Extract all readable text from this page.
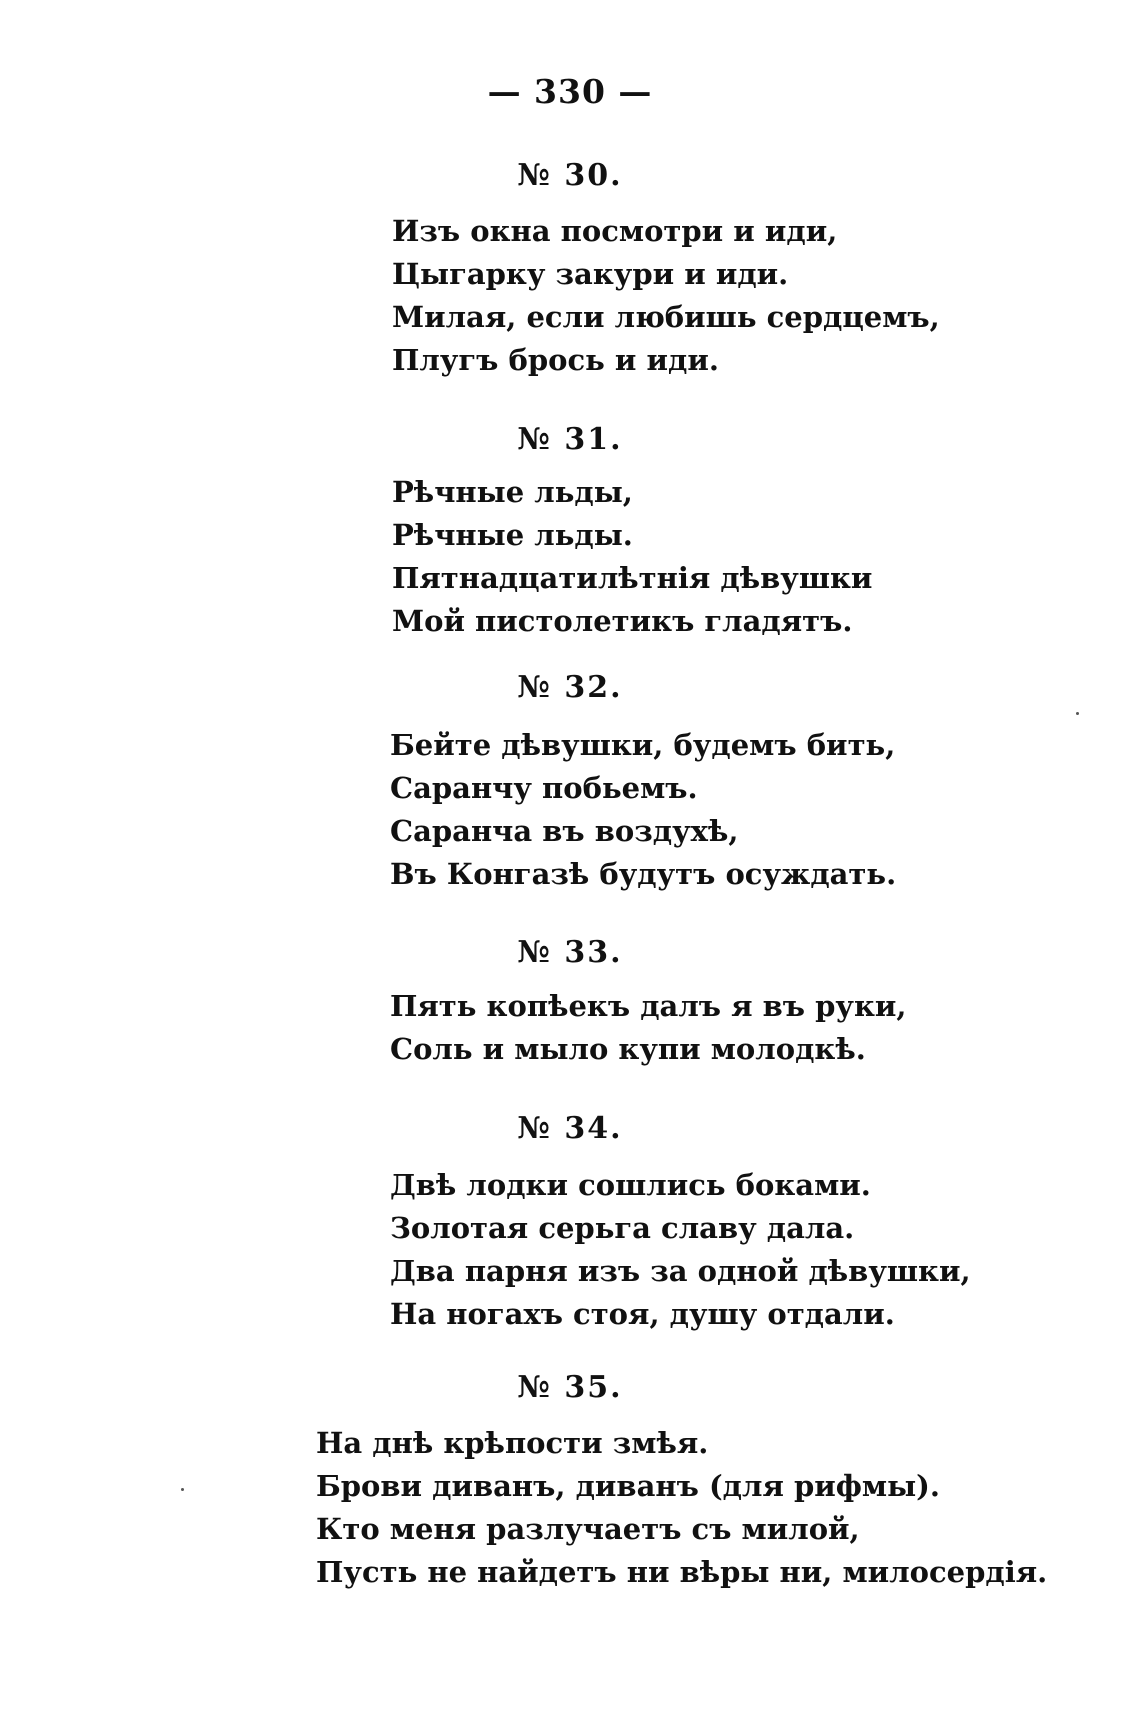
— 330 —
№ 30.
Изъ окна посмотри и иди,
Цыгарку закури и иди.
Милая, если любишь сердцемъ,
Плугъ брось и иди.
№ 31.
Рѣчные льды,
Рѣчные льды.
Пятнадцатилѣтнія дѣвушки
Мой пистолетикъ гладятъ.
№ 32.
Бейте дѣвушки, будемъ бить,
Саранчу побьемъ.
Саранча въ воздухѣ,
Въ Конгазѣ будутъ осуждать.
№ 33.
Пять копѣекъ далъ я въ руки,
Соль и мыло купи молодкѣ.
№ 34.
Двѣ лодки сошлись боками.
Золотая серьга славу дала.
Два парня изъ за одной дѣвушки,
На ногахъ стоя, душу отдали.
№ 35.
На днѣ крѣпости змѣя.
Брови диванъ, диванъ (для рифмы).
Кто меня разлучаетъ съ милой,
Пусть не найдетъ ни вѣры ни, милосердія.
